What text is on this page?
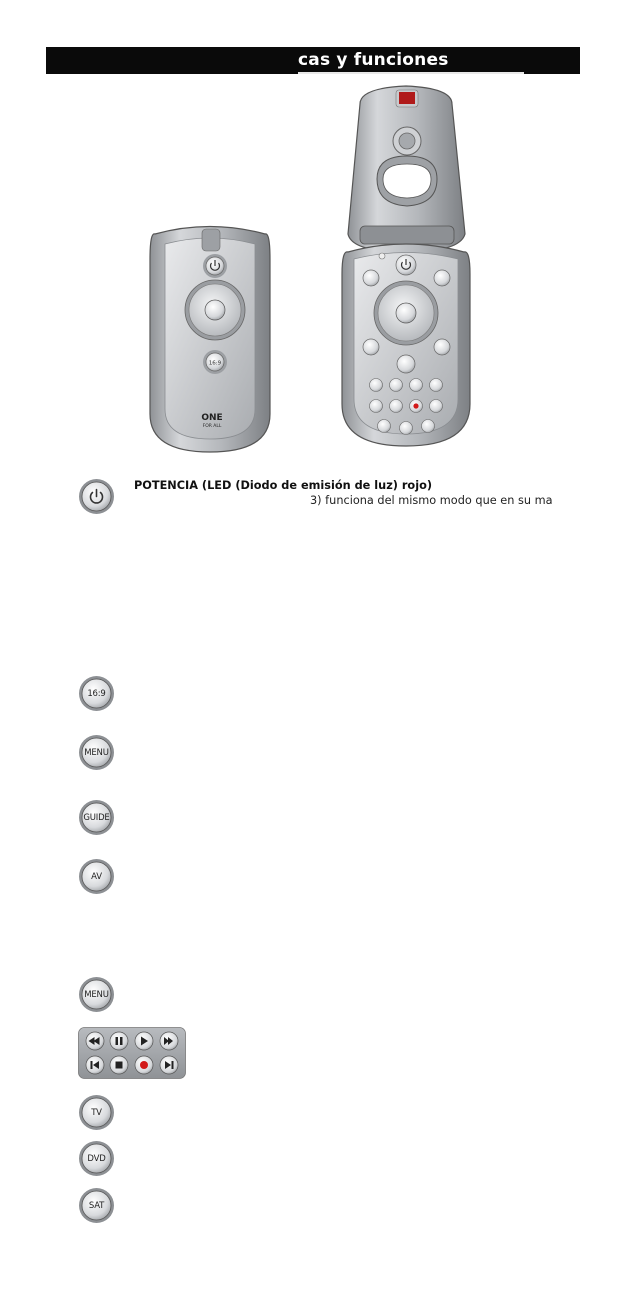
cas y funciones
16:9
ONE
FOR ALL
POTENCIA (LED (Diodo de emisión de luz) rojo)
3) funciona del mismo modo que en su ma
16:9
MENU
GUIDE
AV
MENU
TV
DVD
SAT
